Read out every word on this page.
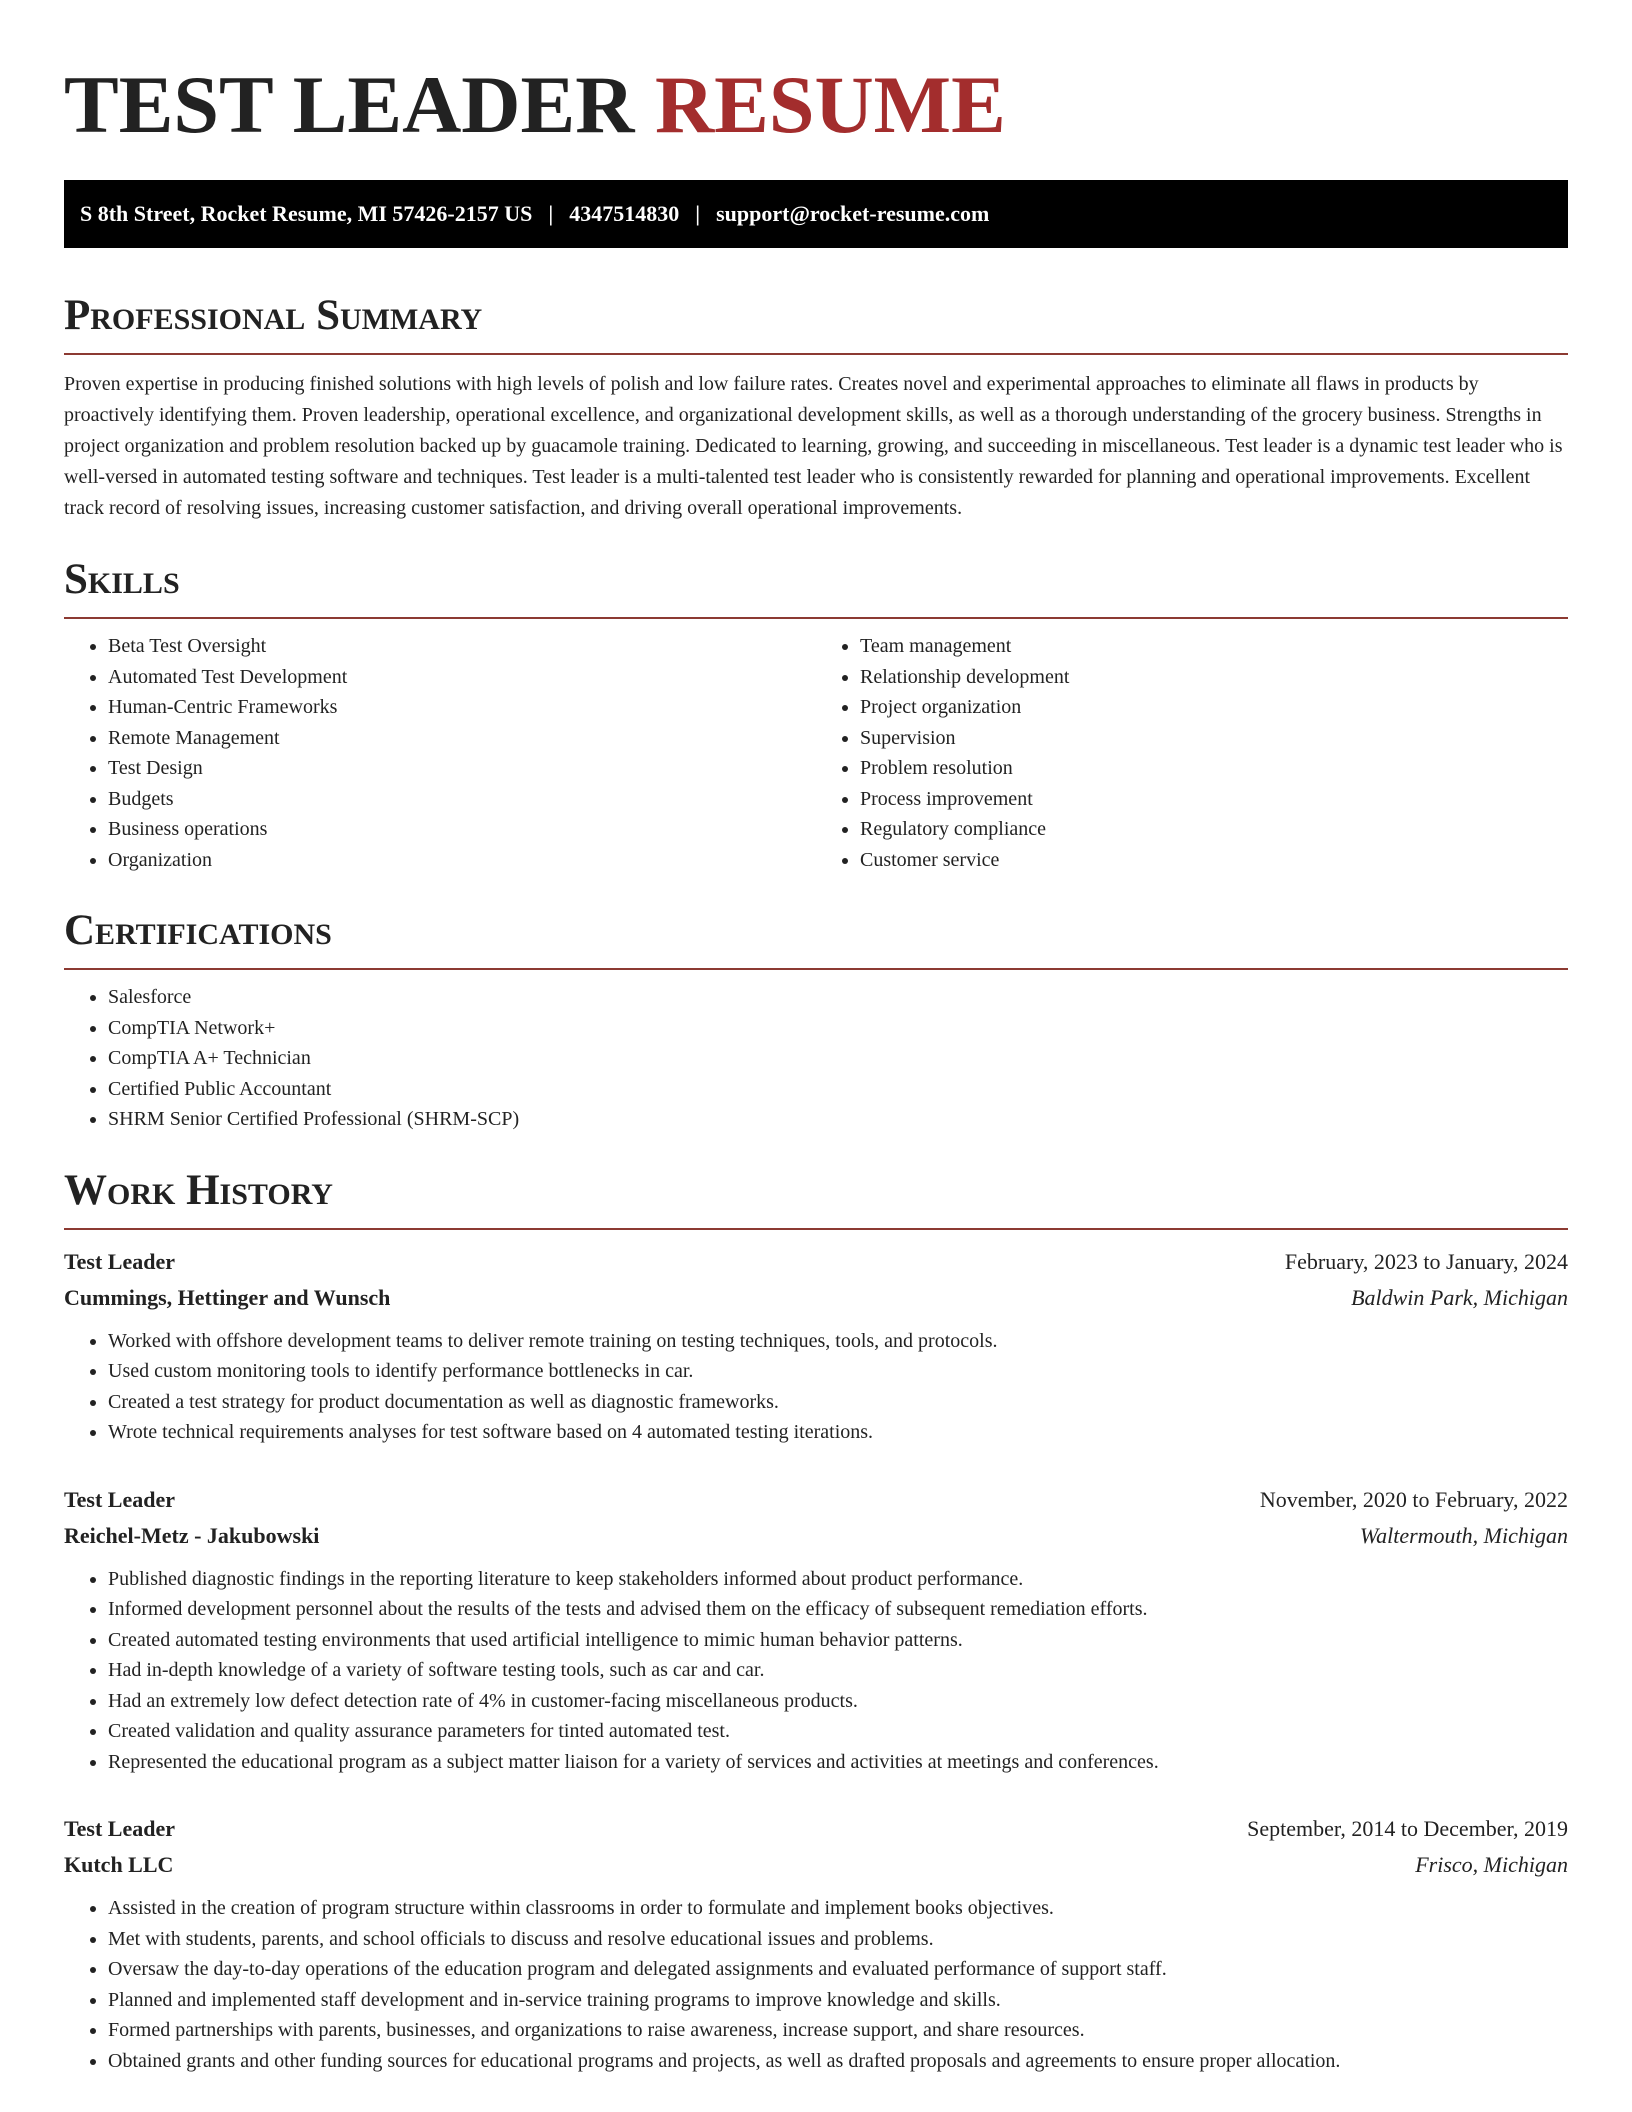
TEST LEADER RESUME
S 8th Street, Rocket Resume, MI 57426-2157 US | 4347514830 | support@rocket-resume.com
Professional Summary

Proven expertise in producing finished solutions with high levels of polish and low failure rates. Creates novel and experimental approaches to eliminate all flaws in products by proactively identifying them. Proven leadership, operational excellence, and organizational development skills, as well as a thorough understanding of the grocery business. Strengths in project organization and problem resolution backed up by guacamole training. Dedicated to learning, growing, and succeeding in miscellaneous. Test leader is a dynamic test leader who is well-versed in automated testing software and techniques. Test leader is a multi-talented test leader who is consistently rewarded for planning and operational improvements. Excellent track record of resolving issues, increasing customer satisfaction, and driving overall operational improvements.

Skills
• Beta Test Oversight
• Automated Test Development
• Human-Centric Frameworks
• Remote Management
• Test Design
• Budgets
• Business operations
• Organization
• Team management
• Relationship development
• Project organization
• Supervision
• Problem resolution
• Process improvement
• Regulatory compliance
• Customer service
Certifications
• Salesforce
• CompTIA Network+
• CompTIA A+ Technician
• Certified Public Accountant
• SHRM Senior Certified Professional (SHRM-SCP)
Work History
Test Leader	February, 2023 to January, 2024
Cummings, Hettinger and Wunsch	Baldwin Park, Michigan
• Worked with offshore development teams to deliver remote training on testing techniques, tools, and protocols.
• Used custom monitoring tools to identify performance bottlenecks in car.
• Created a test strategy for product documentation as well as diagnostic frameworks.
• Wrote technical requirements analyses for test software based on 4 automated testing iterations.
Test Leader	November, 2020 to February, 2022
Reichel-Metz - Jakubowski	Waltermouth, Michigan
• Published diagnostic findings in the reporting literature to keep stakeholders informed about product performance.
• Informed development personnel about the results of the tests and advised them on the efficacy of subsequent remediation efforts.
• Created automated testing environments that used artificial intelligence to mimic human behavior patterns.
• Had in-depth knowledge of a variety of software testing tools, such as car and car.
• Had an extremely low defect detection rate of 4% in customer-facing miscellaneous products.
• Created validation and quality assurance parameters for tinted automated test.
• Represented the educational program as a subject matter liaison for a variety of services and activities at meetings and conferences.
Test Leader	September, 2014 to December, 2019
Kutch LLC	Frisco, Michigan
• Assisted in the creation of program structure within classrooms in order to formulate and implement books objectives.
• Met with students, parents, and school officials to discuss and resolve educational issues and problems.
• Oversaw the day-to-day operations of the education program and delegated assignments and evaluated performance of support staff.
• Planned and implemented staff development and in-service training programs to improve knowledge and skills.
• Formed partnerships with parents, businesses, and organizations to raise awareness, increase support, and share resources.
• Obtained grants and other funding sources for educational programs and projects, as well as drafted proposals and agreements to ensure proper allocation.
